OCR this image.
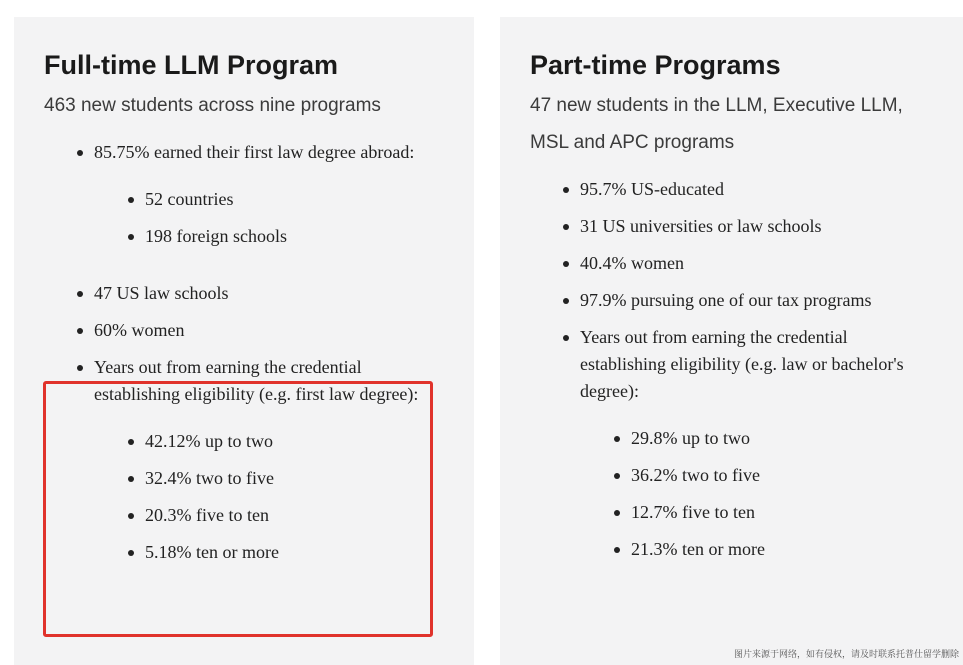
Full-time LLM Program

463 new students across nine programs

85.75% earned their first law degree abroad:
52 countries
198 foreign schools
47 US law schools
60% women
Years out from earning the credential establishing eligibility (e.g. first law degree):
42.12% up to two
32.4% two to five
20.3% five to ten
5.18% ten or more
Part-time Programs

47 new students in the LLM, Executive LLM, MSL and APC programs

95.7% US-educated
31 US universities or law schools
40.4% women
97.9% pursuing one of our tax programs
Years out from earning the credential establishing eligibility (e.g. law or bachelor's degree):
29.8% up to two
36.2% two to five
12.7% five to ten
21.3% ten or more
图片来源于网络，如有侵权，请及时联系托普仕留学删除
